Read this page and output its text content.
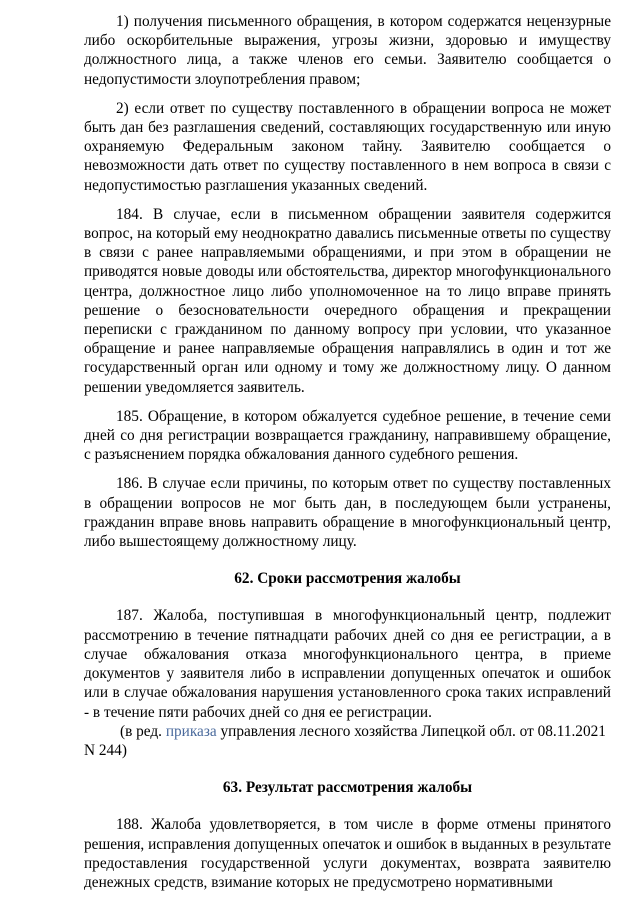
1) получения письменного обращения, в котором содержатся нецензурные либо оскорбительные выражения, угрозы жизни, здоровью и имуществу должностного лица, а также членов его семьи. Заявителю сообщается о недопустимости злоупотребления правом;

2) если ответ по существу поставленного в обращении вопроса не может быть дан без разглашения сведений, составляющих государственную или иную охраняемую Федеральным законом тайну. Заявителю сообщается о невозможности дать ответ по существу поставленного в нем вопроса в связи с недопустимостью разглашения указанных сведений.

184. В случае, если в письменном обращении заявителя содержится вопрос, на который ему неоднократно давались письменные ответы по существу в связи с ранее направляемыми обращениями, и при этом в обращении не приводятся новые доводы или обстоятельства, директор многофункционального центра, должностное лицо либо уполномоченное на то лицо вправе принять решение о безосновательности очередного обращения и прекращении переписки с гражданином по данному вопросу при условии, что указанное обращение и ранее направляемые обращения направлялись в один и тот же государственный орган или одному и тому же должностному лицу. О данном решении уведомляется заявитель.

185. Обращение, в котором обжалуется судебное решение, в течение семи дней со дня регистрации возвращается гражданину, направившему обращение, с разъяснением порядка обжалования данного судебного решения.

186. В случае если причины, по которым ответ по существу поставленных в обращении вопросов не мог быть дан, в последующем были устранены, гражданин вправе вновь направить обращение в многофункциональный центр, либо вышестоящему должностному лицу.

62. Сроки рассмотрения жалобы

187. Жалоба, поступившая в многофункциональный центр, подлежит рассмотрению в течение пятнадцати рабочих дней со дня ее регистрации, а в случае обжалования отказа многофункционального центра, в приеме документов у заявителя либо в исправлении допущенных опечаток и ошибок или в случае обжалования нарушения установленного срока таких исправлений - в течение пяти рабочих дней со дня ее регистрации.

(в ред. приказа управления лесного хозяйства Липецкой обл. от 08.11.2021 N 244)

63. Результат рассмотрения жалобы

188. Жалоба удовлетворяется, в том числе в форме отмены принятого решения, исправления допущенных опечаток и ошибок в выданных в результате предоставления государственной услуги документах, возврата заявителю денежных средств, взимание которых не предусмотрено нормативными
